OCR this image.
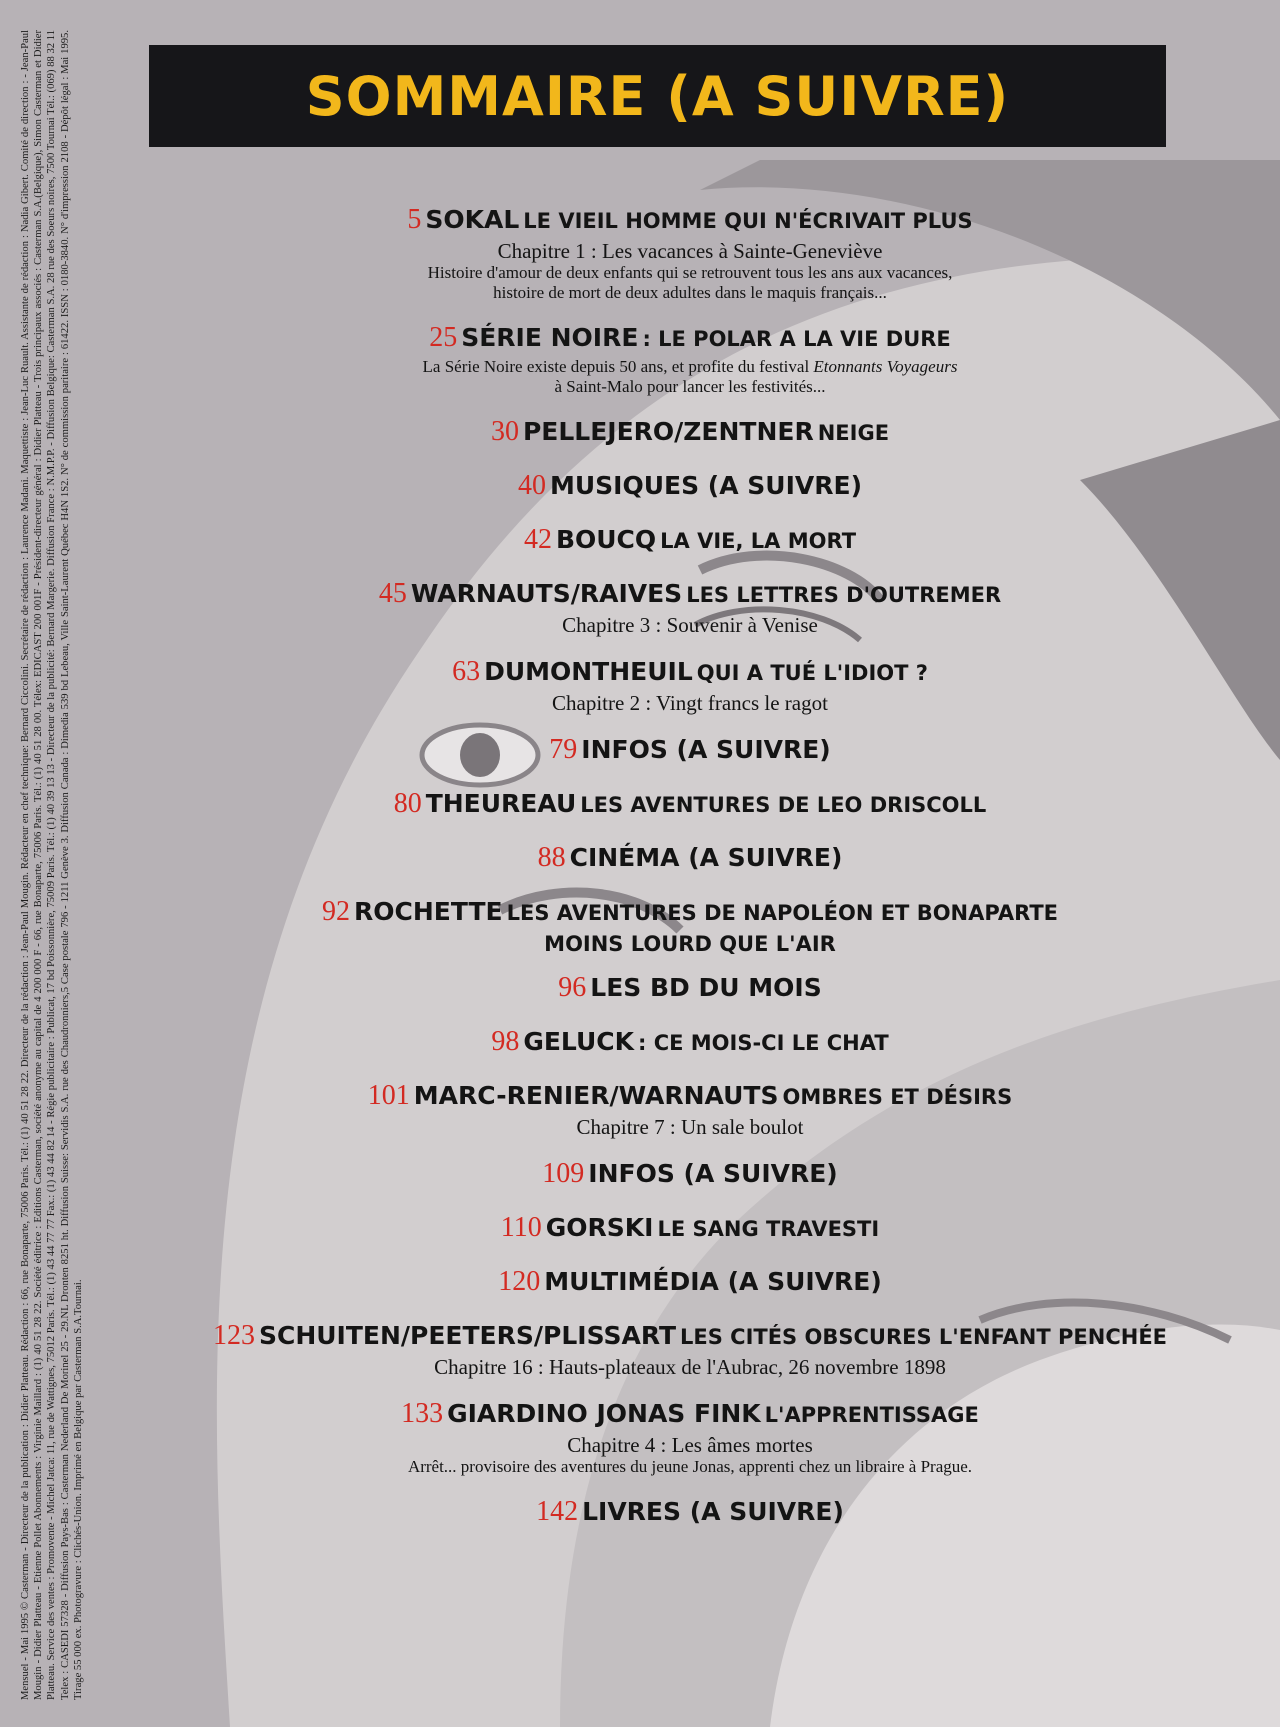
Mensuel - Mai 1995 © Casterman - Directeur de la publication : Didier Platteau. Rédaction : 66, rue Bonaparte, 75006 Paris. Tél.: (1) 40 51 28 22. Directeur de la rédaction : Jean-Paul Mougin. Rédacteur en chef technique: Bernard Ciccolini. Secrétaire de rédaction : Laurence Madani. Maquettiste : Jean-Luc Ruault. Assistante de rédaction : Nadia Gibert. Comité de direction : - Jean-Paul Mougin - Didier Platteau - Etienne Pollet Abonnements : Virginie Maillard : (1) 40 51 28 22. Société éditrice : Editions Casterman, société anonyme au capital de 4 200 000 F - 66, rue Bonaparte, 75006 Paris. Tél.: (1) 40 51 28 00. Télex: EDICAST 200 001F - Président-directeur général : Didier Platteau - Trois principaux associés : Casterman S.A.(Belgique), Simon Casterman et Didier Platteau. Service des ventes : Promovente - Michel Jatca: 11, rue de Wattignes, 75012 Paris. Tél.: (1) 43 44 77 77 Fax.: (1) 43 44 82 14 - Régie publicitaire : Publicat, 17 bd Poissonnière, 75009 Paris. Tél.: (1) 40 39 13 13 - Directeur de la publicité: Bernard Margerie. Diffusion France : N.M.P.P. - Diffusion Belgique: Casterman S.A. 28 rue des Soeurs noires, 7500 Tournai Tél.: (069) 88 32 11 Telex : CASEDI 57328 - Diffusion Pays-Bas : Casterman Nederland De Morinel 25 - 29.NL Dronten 8251 ht. Diffusion Suisse: Servidis S.A. rue des Chaudronniers,5 Case postale 796 - 1211 Genève 3. Diffusion Canada : Dimedia 539 bd Lebeau, Ville Saint-Laurent Québec H4N 1S2. N° de commission paritaire : 61422. ISSN : 0180-3840. N° d'impression 2108 - Dépôt légal : Mai 1995. Tirage 55 000 ex. Photogravure : Clichés-Union. Imprimé en Belgique par Casterman S.A.Tournai.

SOMMAIRE (A SUIVRE)
5 SOKAL LE VIEIL HOMME QUI N'ÉCRIVAIT PLUS
Chapitre 1 : Les vacances à Sainte-Geneviève
Histoire d'amour de deux enfants qui se retrouvent tous les ans aux vacances,
histoire de mort de deux adultes dans le maquis français...
25 SÉRIE NOIRE : LE POLAR A LA VIE DURE
La Série Noire existe depuis 50 ans, et profite du festival Etonnants Voyageurs
à Saint-Malo pour lancer les festivités...
30 PELLEJERO/ZENTNER NEIGE
40 MUSIQUES (A SUIVRE)
42 BOUCQ LA VIE, LA MORT
45 WARNAUTS/RAIVES LES LETTRES D'OUTREMER
Chapitre 3 : Souvenir à Venise
63 DUMONTHEUIL QUI A TUÉ L'IDIOT ?
Chapitre 2 : Vingt francs le ragot
79 INFOS (A SUIVRE)
80 THEUREAU LES AVENTURES DE LEO DRISCOLL
88 CINÉMA (A SUIVRE)
92 ROCHETTE LES AVENTURES DE NAPOLÉON ET BONAPARTE
MOINS LOURD QUE L'AIR
96 LES BD DU MOIS
98 GELUCK : CE MOIS-CI LE CHAT
101 MARC-RENIER/WARNAUTS OMBRES ET DÉSIRS
Chapitre 7 : Un sale boulot
109 INFOS (A SUIVRE)
110 GORSKI LE SANG TRAVESTI
120 MULTIMÉDIA (A SUIVRE)
123 SCHUITEN/PEETERS/PLISSART LES CITÉS OBSCURES L'ENFANT PENCHÉE
Chapitre 16 : Hauts-plateaux de l'Aubrac, 26 novembre 1898
133 GIARDINO JONAS FINK L'APPRENTISSAGE
Chapitre 4 : Les âmes mortes
Arrêt... provisoire des aventures du jeune Jonas, apprenti chez un libraire à Prague.
142 LIVRES (A SUIVRE)
